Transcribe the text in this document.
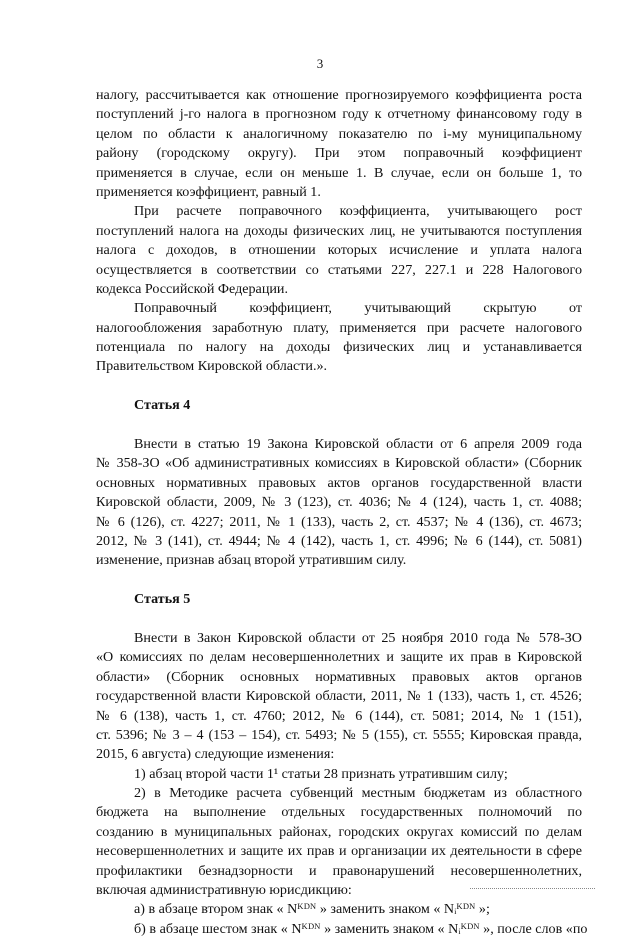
3
налогу, рассчитывается как отношение прогнозируемого коэффициента роста
поступлений j-го налога в прогнозном году к отчетному финансовому году в
целом по области к аналогичному показателю по i-му муниципальному
району (городскому округу). При этом поправочный коэффициент
применяется в случае, если он меньше 1. В случае, если он больше 1, то
применяется коэффициент, равный 1.
При расчете поправочного коэффициента, учитывающего рост
поступлений налога на доходы физических лиц, не учитываются поступления
налога с доходов, в отношении которых исчисление и уплата налога
осуществляется в соответствии со статьями 227, 227.1 и 228 Налогового
кодекса Российской Федерации.
Поправочный коэффициент, учитывающий скрытую от
налогообложения заработную плату, применяется при расчете налогового
потенциала по налогу на доходы физических лиц и устанавливается
Правительством Кировской области.».
Статья 4
Внести в статью 19 Закона Кировской области от 6 апреля 2009 года
№ 358-ЗО «Об административных комиссиях в Кировской области» (Сборник
основных нормативных правовых актов органов государственной власти
Кировской области, 2009, № 3 (123), ст. 4036; № 4 (124), часть 1, ст. 4088;
№ 6 (126), ст. 4227; 2011, № 1 (133), часть 2, ст. 4537; № 4 (136), ст. 4673;
2012, № 3 (141), ст. 4944; № 4 (142), часть 1, ст. 4996; № 6 (144), ст. 5081)
изменение, признав абзац второй утратившим силу.
Статья 5
Внести в Закон Кировской области от 25 ноября 2010 года № 578-ЗО
«О комиссиях по делам несовершеннолетних и защите их прав в Кировской
области» (Сборник основных нормативных правовых актов органов
государственной власти Кировской области, 2011, № 1 (133), часть 1, ст. 4526;
№ 6 (138), часть 1, ст. 4760; 2012, № 6 (144), ст. 5081; 2014, № 1 (151),
ст. 5396; № 3 – 4 (153 – 154), ст. 5493; № 5 (155), ст. 5555; Кировская правда,
2015, 6 августа) следующие изменения:
1) абзац второй части 1¹ статьи 28 признать утратившим силу;
2) в Методике расчета субвенций местным бюджетам из областного
бюджета на выполнение отдельных государственных полномочий по
созданию в муниципальных районах, городских округах комиссий по делам
несовершеннолетних и защите их прав и организации их деятельности в сфере
профилактики безнадзорности и правонарушений несовершеннолетних,
включая административную юрисдикцию:
а) в абзаце втором знак « Nᴷᴰᴺ » заменить знаком « Nᵢᴷᴰᴺ »;
б) в абзаце шестом знак « Nᴷᴰᴺ » заменить знаком « Nᵢᴷᴰᴺ », после слов «по
